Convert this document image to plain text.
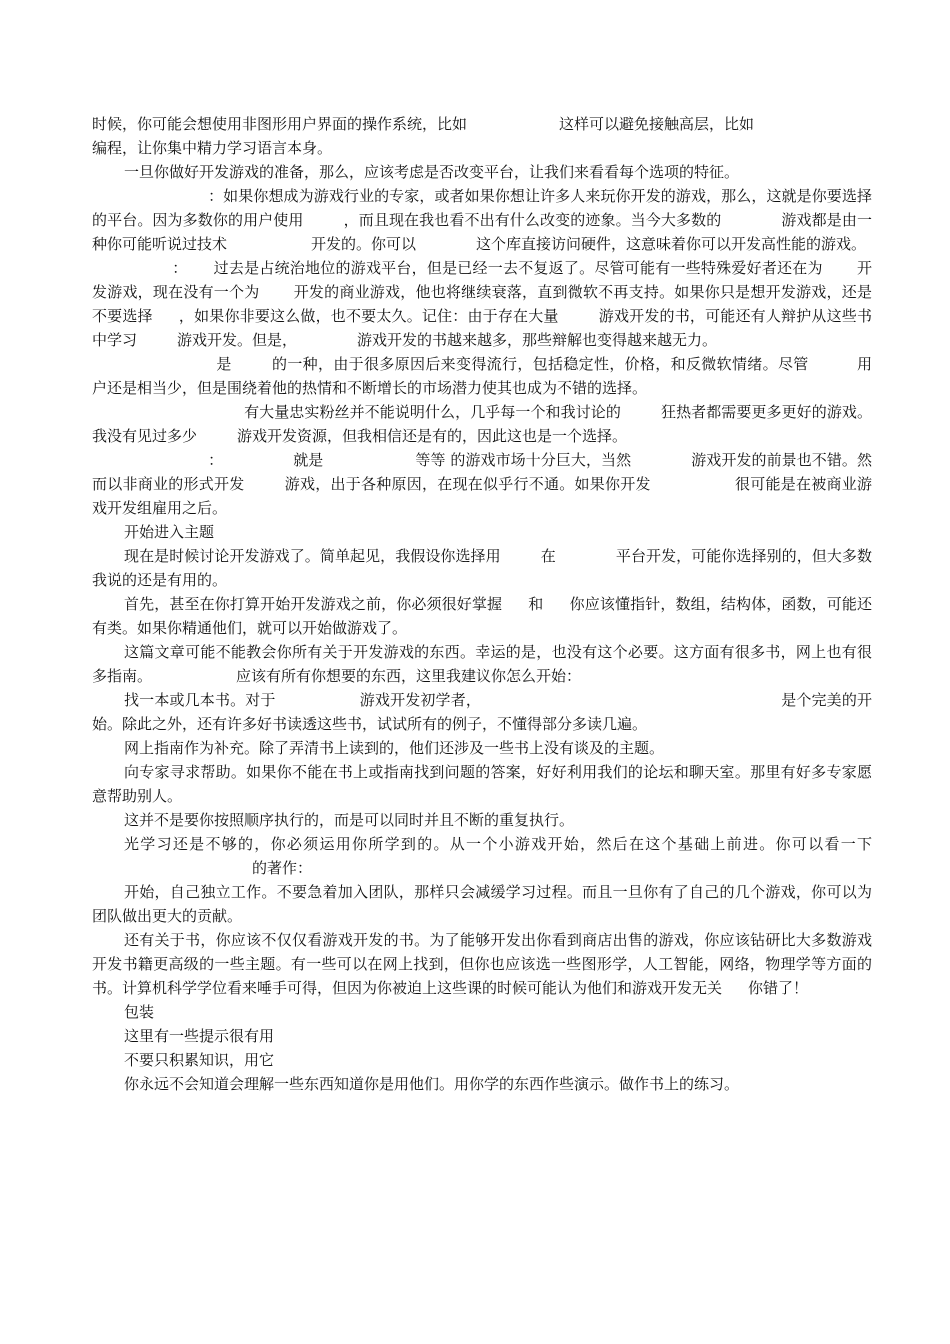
时候，你可能会想使用非图形用户界面的操作系统，比如	这样可以避免接触高层，比如
编程，让你集中精力学习语言本身。

一旦你做好开发游戏的准备，那么，应该考虑是否改变平台，让我们来看看每个选项的特征。

：如果你想成为游戏行业的专家，或者如果你想让许多人来玩你开发的游戏，那么，这就是你要选择的平台。因为多数你的用户使用	，而且现在我也看不出有什么改变的迹象。当今大多数的	游戏都是由一种你可能听说过技术	开发的。你可以	这个库直接访问硬件，这意味着你可以开发高性能的游戏。

： 过去是占统治地位的游戏平台，但是已经一去不复返了。尽管可能有一些特殊爱好者还在为 开发游戏，现在没有一个为 开发的商业游戏，他也将继续衰落，直到微软不再支持。如果你只是想开发游戏，还是不要选择 ，如果你非要这么做，也不要太久。记住：由于存在大量	游戏开发的书，可能还有人辩护从这些书中学习	游戏开发。但是，	游戏开发的书越来越多，那些辩解也变得越来越无力。

是	的一种，由于很多原因后来变得流行，包括稳定性，价格，和反微软情绪。尽管	用户还是相当少，但是围绕着他的热情和不断增长的市场潜力使其也成为不错的选择。

有大量忠实粉丝并不能说明什么，几乎每一个和我讨论的	狂热者都需要更多更好的游戏。我没有见过多少	游戏开发资源，但我相信还是有的，因此这也是一个选择。

：	就是	等等 的游戏市场十分巨大，当然	游戏开发的前景也不错。然而以非商业的形式开发	游戏，出于各种原因，在现在似乎行不通。如果你开发	很可能是在被商业游戏开发组雇用之后。

开始进入主题

现在是时候讨论开发游戏了。简单起见，我假设你选择用	在	平台开发，可能你选择别的，但大多数我说的还是有用的。

首先，甚至在你打算开始开发游戏之前，你必须很好掌握 和 你应该懂指针，数组，结构体，函数，可能还有类。如果你精通他们，就可以开始做游戏了。

这篇文章可能不能教会你所有关于开发游戏的东西。幸运的是，也没有这个必要。这方面有很多书，网上也有很多指南。	应该有所有你想要的东西，这里我建议你怎么开始：

找一本或几本书。对于	游戏开发初学者，	是个完美的开始。除此之外，还有许多好书读透这些书，试试所有的例子，不懂得部分多读几遍。

网上指南作为补充。除了弄清书上读到的，他们还涉及一些书上没有谈及的主题。

向专家寻求帮助。如果你不能在书上或指南找到问题的答案，好好利用我们的论坛和聊天室。那里有好多专家愿意帮助别人。

这并不是要你按照顺序执行的，而是可以同时并且不断的重复执行。

光学习还是不够的，你必须运用你所学到的。从一个小游戏开始，然后在这个基础上前进。你可以看一下的著作：

开始，自己独立工作。不要急着加入团队，那样只会减缓学习过程。而且一旦你有了自己的几个游戏，你可以为团队做出更大的贡献。

还有关于书，你应该不仅仅看游戏开发的书。为了能够开发出你看到商店出售的游戏，你应该钻研比大多数游戏开发书籍更高级的一些主题。有一些可以在网上找到，但你也应该选一些图形学，人工智能，网络，物理学等方面的书。计算机科学学位看来唾手可得，但因为你被迫上这些课的时候可能认为他们和游戏开发无关 你错了！

包装

这里有一些提示很有用

不要只积累知识，用它

你永远不会知道会理解一些东西知道你是用他们。用你学的东西作些演示。做作书上的练习。
